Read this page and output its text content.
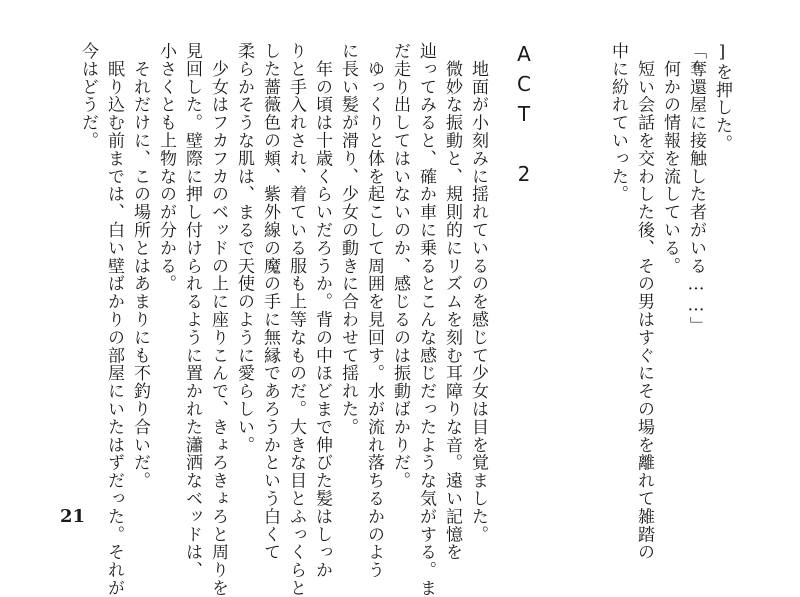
]を押した。
「奪還屋に接触した者がいる……」
　何かの情報を流している。
　短い会話を交わした後、その男はすぐにその場を離れて雑踏の
中に紛れていった。
ACT 2
　地面が小刻みに揺れているのを感じて少女は目を覚ました。
　微妙な振動と、規則的にリズムを刻む耳障りな音。遠い記憶を
辿ってみると、確か車に乗るとこんな感じだったような気がする。ま
だ走り出してはいないのか、感じるのは振動ばかりだ。
　ゆっくりと体を起こして周囲を見回す。水が流れ落ちるかのよう
に長い髪が滑り、少女の動きに合わせて揺れた。
　年の頃は十歳くらいだろうか。背の中ほどまで伸びた髪はしっか
りと手入れされ、着ている服も上等なものだ。大きな目とふっくらと
した薔薇色の頬、紫外線の魔の手に無縁であろうかという白くて
柔らかそうな肌は、まるで天使のように愛らしい。
　少女はフカフカのベッドの上に座りこんで、きょろきょろと周りを
見回した。壁際に押し付けられるように置かれた瀟洒なベッドは、
小さくとも上物なのが分かる。
　それだけに、この場所とはあまりにも不釣り合いだ。
　眠り込む前までは、白い壁ばかりの部屋にいたはずだった。それが
今はどうだ。
21
